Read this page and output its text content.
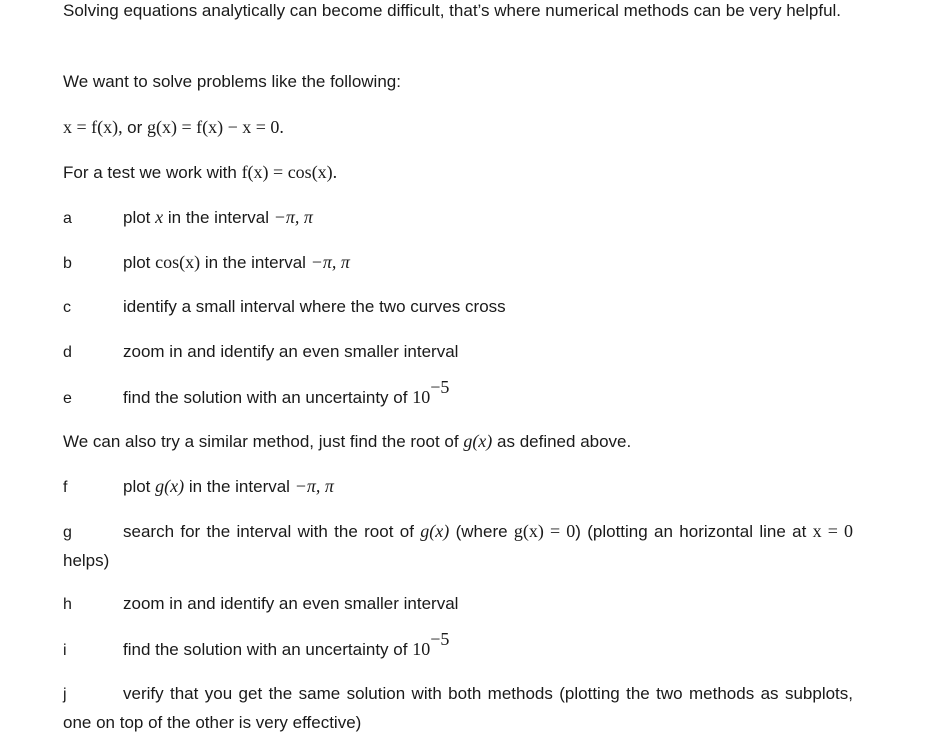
Solving equations analytically can become difficult, that’s where numerical methods can be very helpful.

We want to solve problems like the following:

x = f(x), or g(x) = f(x) − x = 0.

For a test we work with f(x) = cos(x).

a	plot x in the interval −π, π
b	plot cos(x) in the interval −π, π
c	identify a small interval where the two curves cross
d	zoom in and identify an even smaller interval
e	find the solution with an uncertainty of $10^{-5}$

We can also try a similar method, just find the root of g(x) as defined above.

f	plot g(x) in the interval −π, π
g	search for the interval with the root of g(x) (where g(x) = 0) (plotting an horizontal line at x = 0 helps)
h	zoom in and identify an even smaller interval
i	find the solution with an uncertainty of $10^{-5}$
j	verify that you get the same solution with both methods (plotting the two methods as subplots, one on top of the other is very effective)
